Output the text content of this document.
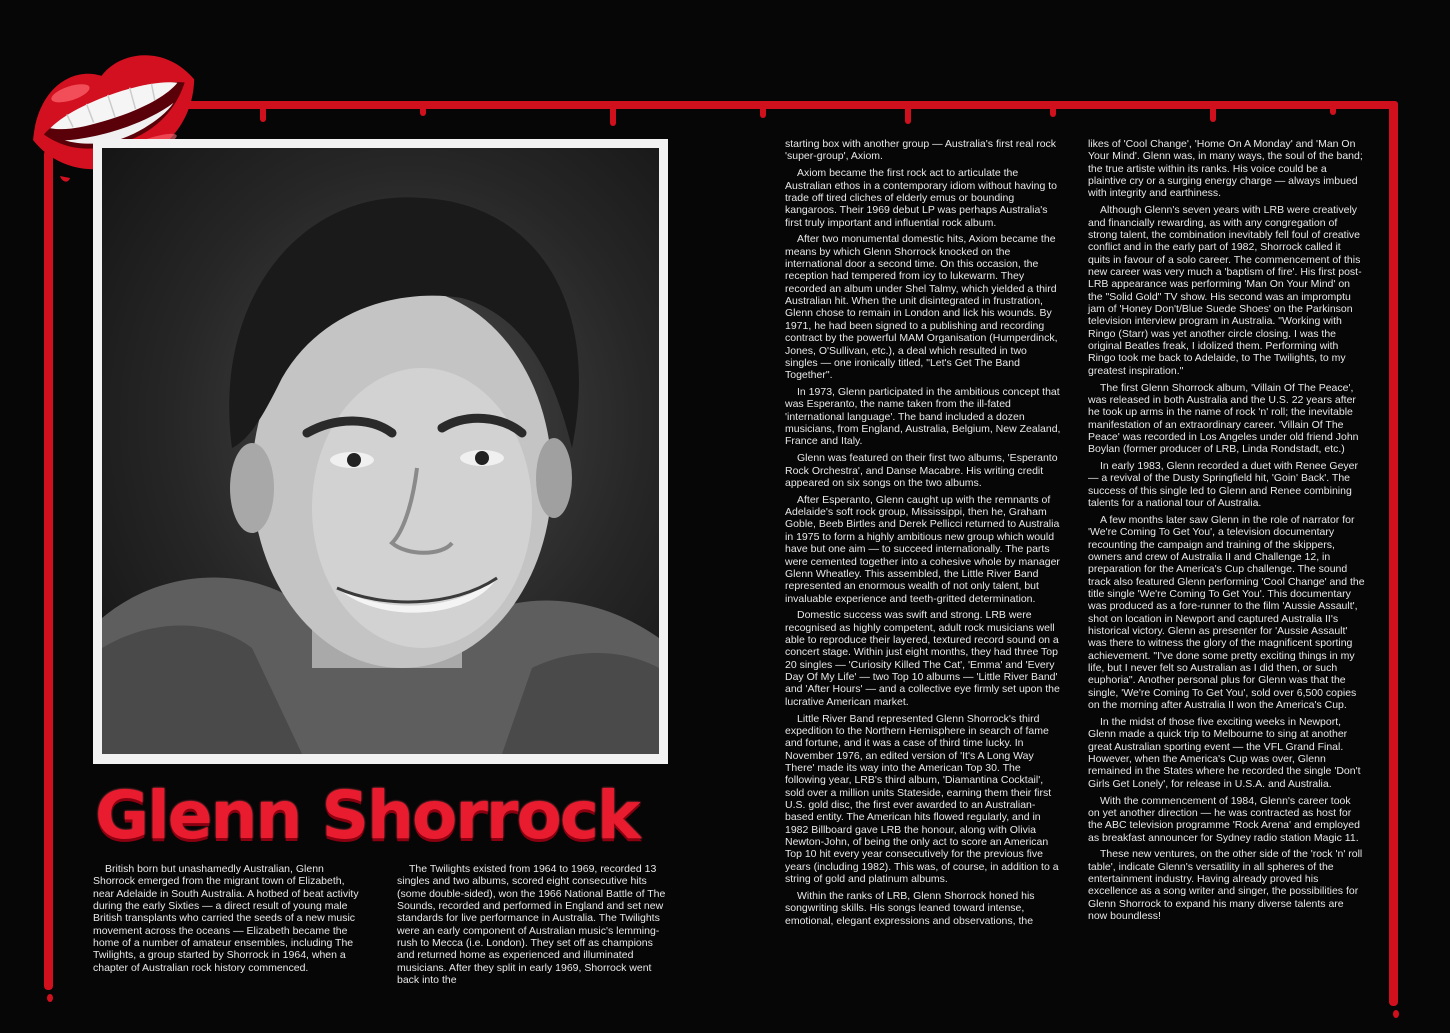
Glenn Shorrock

British born but unashamedly Australian, Glenn Shorrock emerged from the migrant town of Elizabeth, near Adelaide in South Australia. A hotbed of beat activity during the early Sixties — a direct result of young male British transplants who carried the seeds of a new music movement across the oceans — Elizabeth became the home of a number of amateur ensembles, including The Twilights, a group started by Shorrock in 1964, when a chapter of Australian rock history commenced.

The Twilights existed from 1964 to 1969, recorded 13 singles and two albums, scored eight consecutive hits (some double-sided), won the 1966 National Battle of The Sounds, recorded and performed in England and set new standards for live performance in Australia. The Twilights were an early component of Australian music's lemming-rush to Mecca (i.e. London). They set off as champions and returned home as experienced and illuminated musicians. After they split in early 1969, Shorrock went back into the

starting box with another group — Australia's first real rock 'super-group', Axiom.

Axiom became the first rock act to articulate the Australian ethos in a contemporary idiom without having to trade off tired cliches of elderly emus or bounding kangaroos. Their 1969 debut LP was perhaps Australia's first truly important and influential rock album.

After two monumental domestic hits, Axiom became the means by which Glenn Shorrock knocked on the international door a second time. On this occasion, the reception had tempered from icy to lukewarm. They recorded an album under Shel Talmy, which yielded a third Australian hit. When the unit disintegrated in frustration, Glenn chose to remain in London and lick his wounds. By 1971, he had been signed to a publishing and recording contract by the powerful MAM Organisation (Humperdinck, Jones, O'Sullivan, etc.), a deal which resulted in two singles — one ironically titled, "Let's Get The Band Together".

In 1973, Glenn participated in the ambitious concept that was Esperanto, the name taken from the ill-fated 'international language'. The band included a dozen musicians, from England, Australia, Belgium, New Zealand, France and Italy.

Glenn was featured on their first two albums, 'Esperanto Rock Orchestra', and Danse Macabre. His writing credit appeared on six songs on the two albums.

After Esperanto, Glenn caught up with the remnants of Adelaide's soft rock group, Mississippi, then he, Graham Goble, Beeb Birtles and Derek Pellicci returned to Australia in 1975 to form a highly ambitious new group which would have but one aim — to succeed internationally. The parts were cemented together into a cohesive whole by manager Glenn Wheatley. This assembled, the Little River Band represented an enormous wealth of not only talent, but invaluable experience and teeth-gritted determination.

Domestic success was swift and strong. LRB were recognised as highly competent, adult rock musicians well able to reproduce their layered, textured record sound on a concert stage. Within just eight months, they had three Top 20 singles — 'Curiosity Killed The Cat', 'Emma' and 'Every Day Of My Life' — two Top 10 albums — 'Little River Band' and 'After Hours' — and a collective eye firmly set upon the lucrative American market.

Little River Band represented Glenn Shorrock's third expedition to the Northern Hemisphere in search of fame and fortune, and it was a case of third time lucky. In November 1976, an edited version of 'It's A Long Way There' made its way into the American Top 30. The following year, LRB's third album, 'Diamantina Cocktail', sold over a million units Stateside, earning them their first U.S. gold disc, the first ever awarded to an Australian-based entity. The American hits flowed regularly, and in 1982 Billboard gave LRB the honour, along with Olivia Newton-John, of being the only act to score an American Top 10 hit every year consecutively for the previous five years (including 1982). This was, of course, in addition to a string of gold and platinum albums.

Within the ranks of LRB, Glenn Shorrock honed his songwriting skills. His songs leaned toward intense, emotional, elegant expressions and observations, the

likes of 'Cool Change', 'Home On A Monday' and 'Man On Your Mind'. Glenn was, in many ways, the soul of the band; the true artiste within its ranks. His voice could be a plaintive cry or a surging energy charge — always imbued with integrity and earthiness.

Although Glenn's seven years with LRB were creatively and financially rewarding, as with any congregation of strong talent, the combination inevitably fell foul of creative conflict and in the early part of 1982, Shorrock called it quits in favour of a solo career. The commencement of this new career was very much a 'baptism of fire'. His first post-LRB appearance was performing 'Man On Your Mind' on the "Solid Gold" TV show. His second was an impromptu jam of 'Honey Don't/Blue Suede Shoes' on the Parkinson television interview program in Australia. "Working with Ringo (Starr) was yet another circle closing. I was the original Beatles freak, I idolized them. Performing with Ringo took me back to Adelaide, to The Twilights, to my greatest inspiration."

The first Glenn Shorrock album, 'Villain Of The Peace', was released in both Australia and the U.S. 22 years after he took up arms in the name of rock 'n' roll; the inevitable manifestation of an extraordinary career. 'Villain Of The Peace' was recorded in Los Angeles under old friend John Boylan (former producer of LRB, Linda Rondstadt, etc.)

In early 1983, Glenn recorded a duet with Renee Geyer — a revival of the Dusty Springfield hit, 'Goin' Back'. The success of this single led to Glenn and Renee combining talents for a national tour of Australia.

A few months later saw Glenn in the role of narrator for 'We're Coming To Get You', a television documentary recounting the campaign and training of the skippers, owners and crew of Australia II and Challenge 12, in preparation for the America's Cup challenge. The sound track also featured Glenn performing 'Cool Change' and the title single 'We're Coming To Get You'. This documentary was produced as a fore-runner to the film 'Aussie Assault', shot on location in Newport and captured Australia II's historical victory. Glenn as presenter for 'Aussie Assault' was there to witness the glory of the magnificent sporting achievement. "I've done some pretty exciting things in my life, but I never felt so Australian as I did then, or such euphoria". Another personal plus for Glenn was that the single, 'We're Coming To Get You', sold over 6,500 copies on the morning after Australia II won the America's Cup.

In the midst of those five exciting weeks in Newport, Glenn made a quick trip to Melbourne to sing at another great Australian sporting event — the VFL Grand Final. However, when the America's Cup was over, Glenn remained in the States where he recorded the single 'Don't Girls Get Lonely', for release in U.S.A. and Australia.

With the commencement of 1984, Glenn's career took on yet another direction — he was contracted as host for the ABC television programme 'Rock Arena' and employed as breakfast announcer for Sydney radio station Magic 11.

These new ventures, on the other side of the 'rock 'n' roll table', indicate Glenn's versatility in all spheres of the entertainment industry. Having already proved his excellence as a song writer and singer, the possibilities for Glenn Shorrock to expand his many diverse talents are now boundless!
